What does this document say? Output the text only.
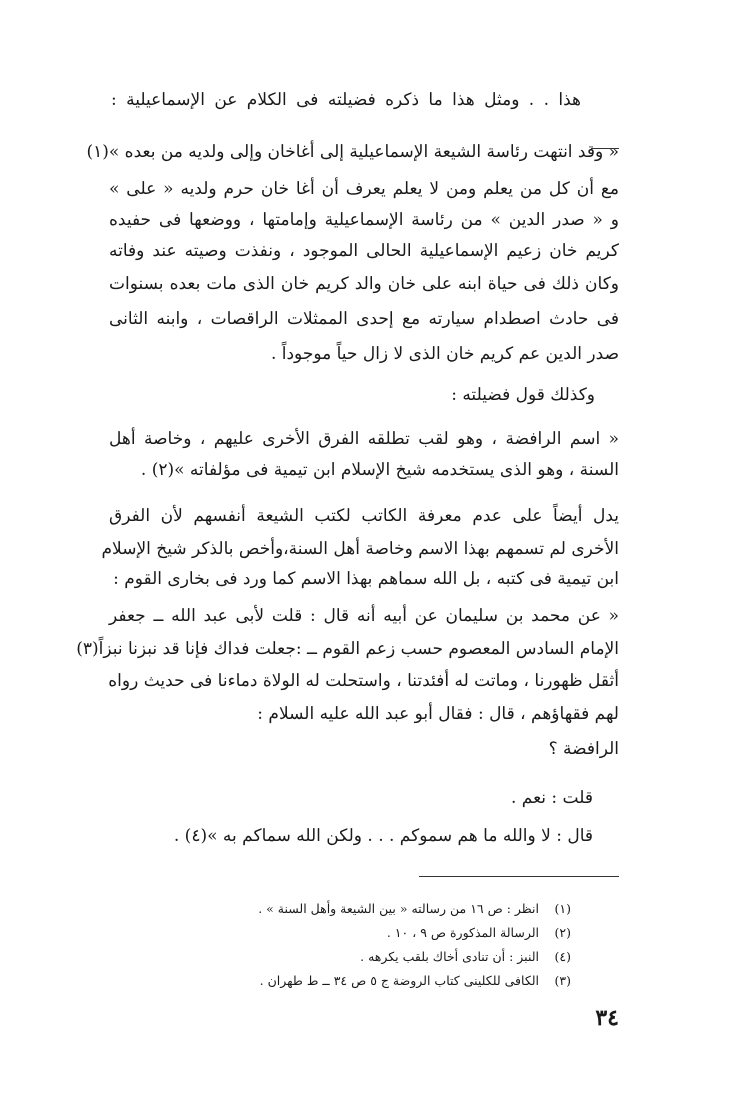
هذا . . ومثل هذا ما ذكره فضيلته فى الكلام عن الإسماعيلية :
« وقد انتهت رئاسة الشيعة الإسماعيلية إلى أغاخان وإلى ولديه من بعده »(١)
مع أن كل من يعلم ومن لا يعلم يعرف أن أغا خان حرم ولديه « على »
و « صدر الدين » من رئاسة الإسماعيلية وإمامتها ، ووضعها فى حفيده
كريم خان زعيم الإسماعيلية الحالى الموجود ، ونفذت وصيته عند وفاته
وكان ذلك فى حياة ابنه على خان والد كريم خان الذى مات بعده بسنوات
فى حادث اصطدام سيارته مع إحدى الممثلات الراقصات ، وابنه الثانى
صدر الدين عم كريم خان الذى لا زال حياً موجوداً .
وكذلك قول فضيلته :
« اسم الرافضة ، وهو لقب تطلقه الفرق الأخرى عليهم ، وخاصة أهل
السنة ، وهو الذى يستخدمه شيخ الإسلام ابن تيمية فى مؤلفاته »(٢) .
يدل أيضاً على عدم معرفة الكاتب لكتب الشيعة أنفسهم لأن الفرق
الأخرى لم تسمهم بهذا الاسم وخاصة أهل السنة،وأخص بالذكر شيخ الإسلام
ابن تيمية فى كتبه ، بل الله سماهم بهذا الاسم كما ورد فى بخارى القوم :
« عن محمد بن سليمان عن أبيه أنه قال : قلت لأبى عبد الله ــ جعفر
الإمام السادس المعصوم حسب زعم القوم ــ :جعلت فداك فإنا قد نبزنا نبزاً(٣)
أثقل ظهورنا ، وماتت له أفئدتنا ، واستحلت له الولاة دماءنا فى حديث رواه
لهم فقهاؤهم ، قال : فقال أبو عبد الله عليه السلام :
الرافضة ؟
قلت : نعم .
قال : لا والله ما هم سموكم . . . ولكن الله سماكم به »(٤) .
(١) انظر : ص ١٦ من رسالته « بين الشيعة وأهل السنة » .
(٢) الرسالة المذكورة ص ٩ ، ١٠ .
(٤) النبز : أن تنادى أخاك بلقب يكرهه .
(٣) الكافى للكلينى كتاب الروضة ج ٥ ص ٣٤ ــ ط طهران .
٣٤
